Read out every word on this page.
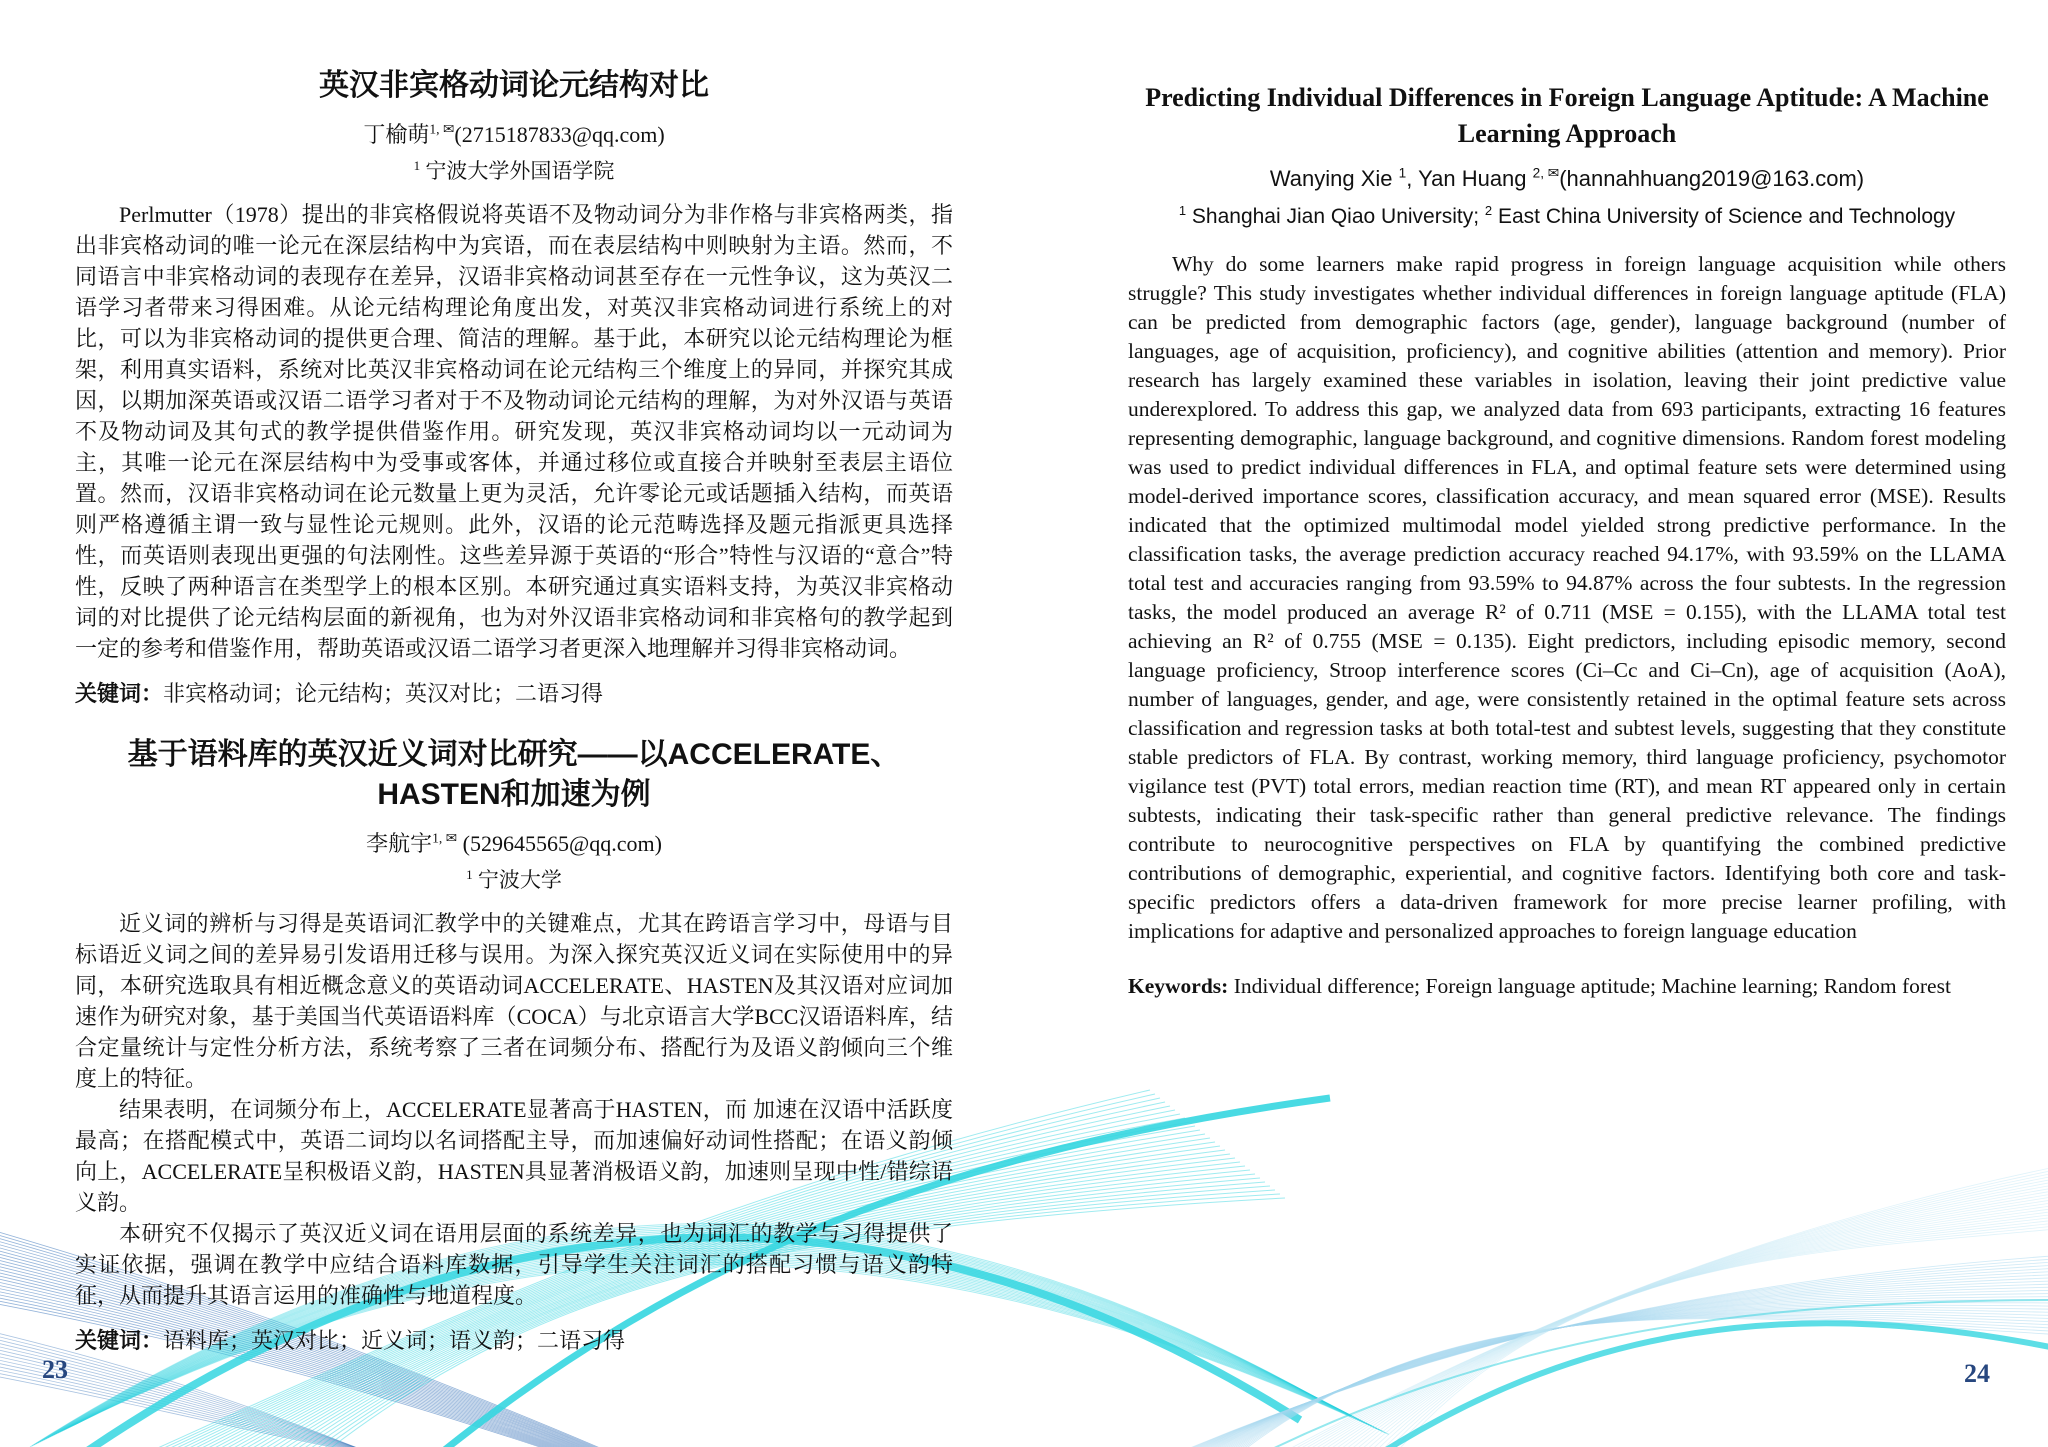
英汉非宾格动词论元结构对比

丁榆萌$^{1, ✉}$(2715187833@qq.com)

$^1$ 宁波大学外国语学院

Perlmutter（1978）提出的非宾格假说将英语不及物动词分为非作格与非宾格两类，指出非宾格动词的唯一论元在深层结构中为宾语，而在表层结构中则映射为主语。然而，不同语言中非宾格动词的表现存在差异，汉语非宾格动词甚至存在一元性争议，这为英汉二语学习者带来习得困难。从论元结构理论角度出发，对英汉非宾格动词进行系统上的对比，可以为非宾格动词的提供更合理、简洁的理解。基于此，本研究以论元结构理论为框架，利用真实语料，系统对比英汉非宾格动词在论元结构三个维度上的异同，并探究其成因，以期加深英语或汉语二语学习者对于不及物动词论元结构的理解，为对外汉语与英语不及物动词及其句式的教学提供借鉴作用。研究发现，英汉非宾格动词均以一元动词为主，其唯一论元在深层结构中为受事或客体，并通过移位或直接合并映射至表层主语位置。然而，汉语非宾格动词在论元数量上更为灵活，允许零论元或话题插入结构，而英语则严格遵循主谓一致与显性论元规则。此外，汉语的论元范畴选择及题元指派更具选择性，而英语则表现出更强的句法刚性。这些差异源于英语的“形合”特性与汉语的“意合”特性，反映了两种语言在类型学上的根本区别。本研究通过真实语料支持，为英汉非宾格动词的对比提供了论元结构层面的新视角，也为对外汉语非宾格动词和非宾格句的教学起到一定的参考和借鉴作用，帮助英语或汉语二语学习者更深入地理解并习得非宾格动词。

关键词：非宾格动词；论元结构；英汉对比；二语习得

基于语料库的英汉近义词对比研究——以ACCELERATE、HASTEN和加速为例

李航宇$^{1, ✉}$ (529645565@qq.com)

$^1$ 宁波大学

近义词的辨析与习得是英语词汇教学中的关键难点，尤其在跨语言学习中，母语与目标语近义词之间的差异易引发语用迁移与误用。为深入探究英汉近义词在实际使用中的异同，本研究选取具有相近概念意义的英语动词ACCELERATE、HASTEN及其汉语对应词加速作为研究对象，基于美国当代英语语料库（COCA）与北京语言大学BCC汉语语料库，结合定量统计与定性分析方法，系统考察了三者在词频分布、搭配行为及语义韵倾向三个维度上的特征。

结果表明，在词频分布上，ACCELERATE显著高于HASTEN，而 加速在汉语中活跃度最高；在搭配模式中，英语二词均以名词搭配主导，而加速偏好动词性搭配；在语义韵倾向上，ACCELERATE呈积极语义韵，HASTEN具显著消极语义韵，加速则呈现中性/错综语义韵。

本研究不仅揭示了英汉近义词在语用层面的系统差异，也为词汇的教学与习得提供了实证依据，强调在教学中应结合语料库数据，引导学生关注词汇的搭配习惯与语义韵特征，从而提升其语言运用的准确性与地道程度。

关键词：语料库；英汉对比；近义词；语义韵；二语习得

Predicting Individual Differences in Foreign Language Aptitude: A Machine Learning Approach

Wanying Xie $^1$, Yan Huang $^{2, ✉}$(hannahhuang2019@163.com)

$^1$ Shanghai Jian Qiao University; $^2$ East China University of Science and Technology

Why do some learners make rapid progress in foreign language acquisition while others struggle? This study investigates whether individual differences in foreign language aptitude (FLA) can be predicted from demographic factors (age, gender), language background (number of languages, age of acquisition, proficiency), and cognitive abilities (attention and memory). Prior research has largely examined these variables in isolation, leaving their joint predictive value underexplored. To address this gap, we analyzed data from 693 participants, extracting 16 features representing demographic, language background, and cognitive dimensions. Random forest modeling was used to predict individual differences in FLA, and optimal feature sets were determined using model-derived importance scores, classification accuracy, and mean squared error (MSE). Results indicated that the optimized multimodal model yielded strong predictive performance. In the classification tasks, the average prediction accuracy reached 94.17%, with 93.59% on the LLAMA total test and accuracies ranging from 93.59% to 94.87% across the four subtests. In the regression tasks, the model produced an average R² of 0.711 (MSE = 0.155), with the LLAMA total test achieving an R² of 0.755 (MSE = 0.135). Eight predictors, including episodic memory, second language proficiency, Stroop interference scores (Ci–Cc and Ci–Cn), age of acquisition (AoA), number of languages, gender, and age, were consistently retained in the optimal feature sets across classification and regression tasks at both total-test and subtest levels, suggesting that they constitute stable predictors of FLA. By contrast, working memory, third language proficiency, psychomotor vigilance test (PVT) total errors, median reaction time (RT), and mean RT appeared only in certain subtests, indicating their task-specific rather than general predictive relevance. The findings contribute to neurocognitive perspectives on FLA by quantifying the combined predictive contributions of demographic, experiential, and cognitive factors. Identifying both core and task-specific predictors offers a data-driven framework for more precise learner profiling, with implications for adaptive and personalized approaches to foreign language education

Keywords: Individual difference; Foreign language aptitude; Machine learning; Random forest

23	24
